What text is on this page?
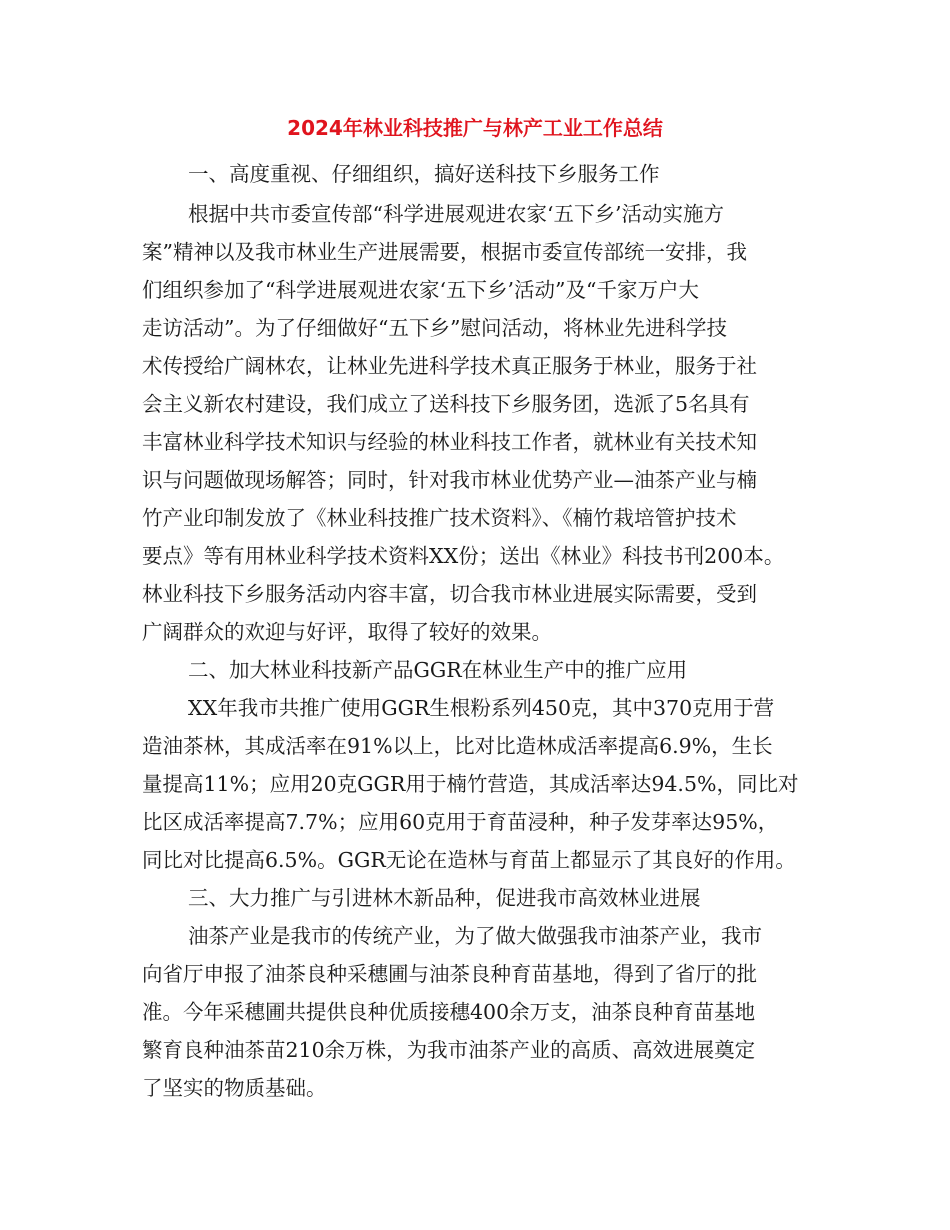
2024年林业科技推广与林产工业工作总结
一、高度重视、仔细组织，搞好送科技下乡服务工作
根据中共市委宣传部“科学进展观进农家‘五下乡’活动实施方
案”精神以及我市林业生产进展需要，根据市委宣传部统一安排，我
们组织参加了“科学进展观进农家‘五下乡’活动”及“千家万户大
走访活动”。为了仔细做好“五下乡”慰问活动，将林业先进科学技
术传授给广阔林农，让林业先进科学技术真正服务于林业，服务于社
会主义新农村建设，我们成立了送科技下乡服务团，选派了5名具有
丰富林业科学技术知识与经验的林业科技工作者，就林业有关技术知
识与问题做现场解答；同时，针对我市林业优势产业—油茶产业与楠
竹产业印制发放了《林业科技推广技术资料》、《楠竹栽培管护技术
要点》等有用林业科学技术资料XX份；送出《林业》科技书刊200本。
林业科技下乡服务活动内容丰富，切合我市林业进展实际需要，受到
广阔群众的欢迎与好评，取得了较好的效果。
二、加大林业科技新产品GGR在林业生产中的推广应用
XX年我市共推广使用GGR生根粉系列450克，其中370克用于营
造油茶林，其成活率在91%以上，比对比造林成活率提高6.9%，生长
量提高11%；应用20克GGR用于楠竹营造，其成活率达94.5%，同比对
比区成活率提高7.7%；应用60克用于育苗浸种，种子发芽率达95%，
同比对比提高6.5%。GGR无论在造林与育苗上都显示了其良好的作用。
三、大力推广与引进林木新品种，促进我市高效林业进展
油茶产业是我市的传统产业，为了做大做强我市油茶产业，我市
向省厅申报了油茶良种采穗圃与油茶良种育苗基地，得到了省厅的批
准。今年采穗圃共提供良种优质接穗400余万支，油茶良种育苗基地
繁育良种油茶苗210余万株，为我市油茶产业的高质、高效进展奠定
了坚实的物质基础。
